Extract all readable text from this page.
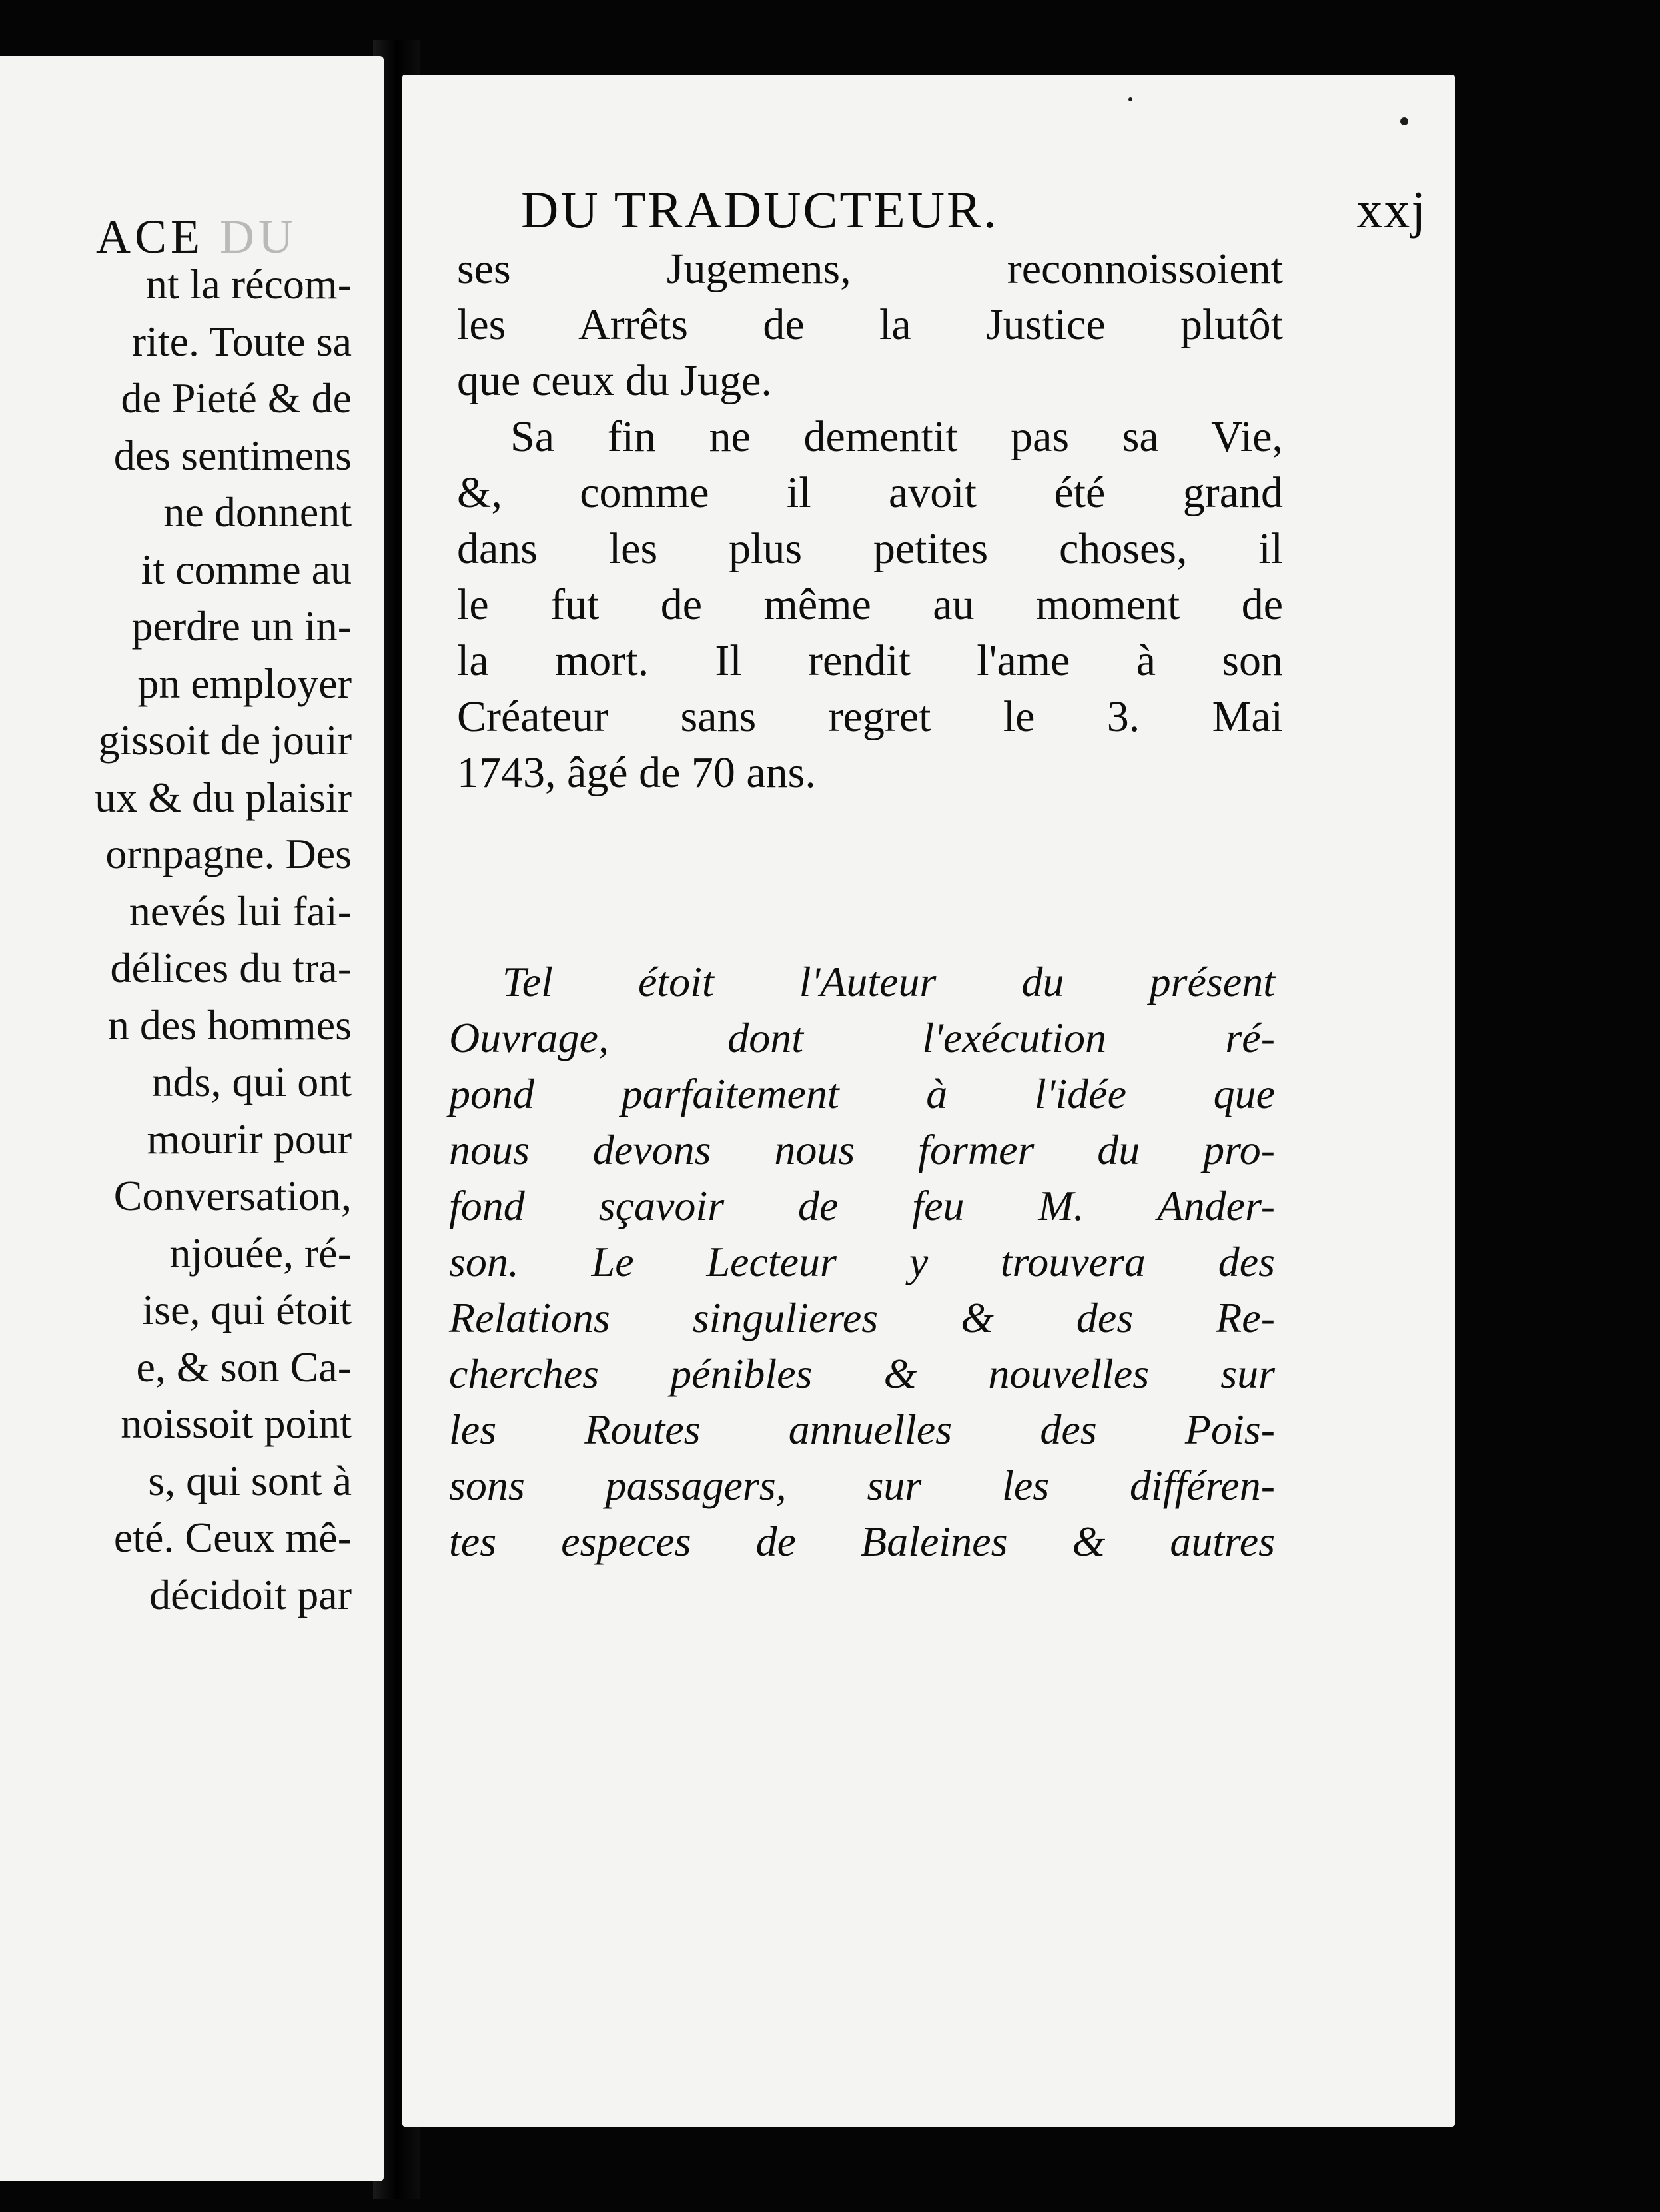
ACE DU
nt la récom-
rite. Toute sa
de Pieté & de
des sentimens
ne donnent
it comme au
perdre un in-
pn employer
gissoit de jouir
ux & du plaisir
ornpagne. Des
nevés lui fai-
délices du tra-
n des hommes
nds, qui ont
mourir pour
Conversation,
njouée, ré-
ise, qui étoit
e, & son Ca-
noissoit point
s, qui sont à
eté. Ceux mê-
décidoit par
DU TRADUCTEUR.	xxj
ses Jugemens, reconnoissoient
les Arrêts de la Justice plutôt
que ceux du Juge.
Sa fin ne dementit pas sa Vie,
&, comme il avoit été grand
dans les plus petites choses, il
le fut de même au moment de
la mort. Il rendit l'ame à son
Créateur sans regret le 3. Mai
1743, âgé de 70 ans.
Tel étoit l'Auteur du présent
Ouvrage, dont l'exécution ré-
pond parfaitement à l'idée que
nous devons nous former du pro-
fond sçavoir de feu M. Ander-
son. Le Lecteur y trouvera des
Relations singulieres & des Re-
cherches pénibles & nouvelles sur
les Routes annuelles des Pois-
sons passagers, sur les différen-
tes especes de Baleines & autres
